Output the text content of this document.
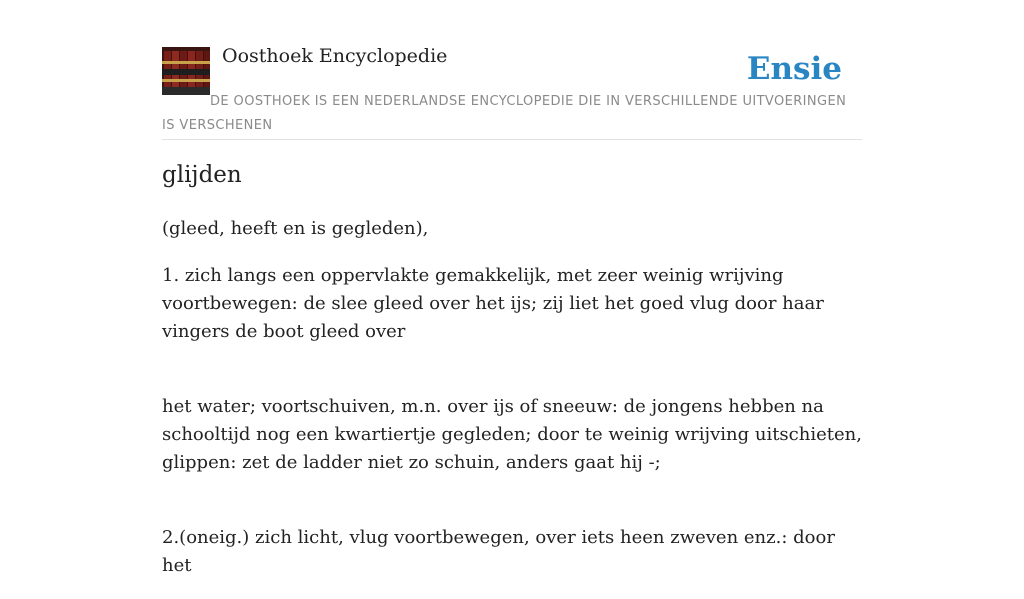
Oosthoek Encyclopedie	Ensie
DE OOSTHOEK IS EEN NEDERLANDSE ENCYCLOPEDIE DIE IN VERSCHILLENDE UITVOERINGEN IS VERSCHENEN
glijden

(gleed, heeft en is gegleden),

1. zich langs een oppervlakte gemakkelijk, met zeer weinig wrijving voortbewegen: de slee gleed over het ijs; zij liet het goed vlug door haar vingers de boot gleed over

het water; voortschuiven, m.n. over ijs of sneeuw: de jongens hebben na schooltijd nog een kwartiertje gegleden; door te weinig wrijving uitschieten, glippen: zet de ladder niet zo schuin, anders gaat hij -;

2.(oneig.) zich licht, vlug voortbewegen, over iets heen zweven enz.: door het
